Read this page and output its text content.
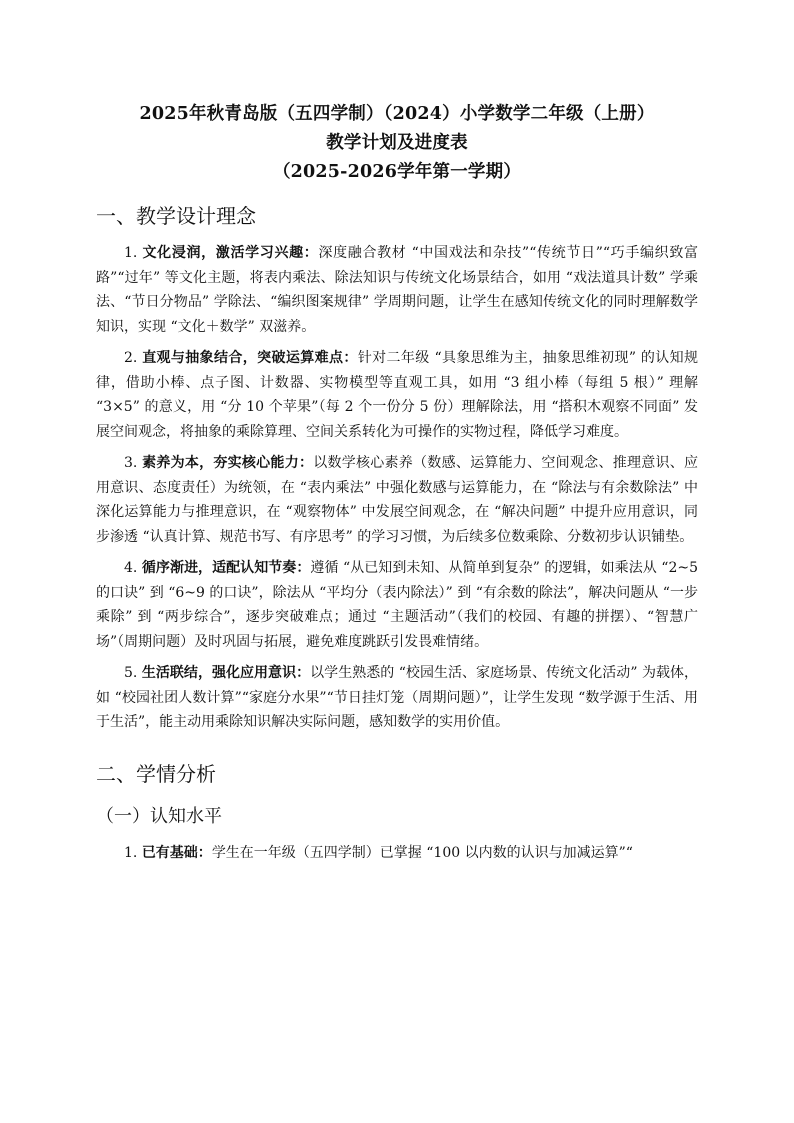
2025年秋青岛版（五四学制）（2024）小学数学二年级（上册）
教学计划及进度表
（2025-2026学年第一学期）
一、教学设计理念

1. 文化浸润，激活学习兴趣：深度融合教材 “中国戏法和杂技”“传统节日”“巧手编织致富路”“过年” 等文化主题，将表内乘法、除法知识与传统文化场景结合，如用 “戏法道具计数” 学乘法、“节日分物品” 学除法、“编织图案规律” 学周期问题，让学生在感知传统文化的同时理解数学知识，实现 “文化＋数学” 双滋养。

2. 直观与抽象结合，突破运算难点：针对二年级 “具象思维为主，抽象思维初现” 的认知规律，借助小棒、点子图、计数器、实物模型等直观工具，如用 “3 组小棒（每组 5 根）” 理解 “3×5” 的意义，用 “分 10 个苹果”（每 2 个一份分 5 份）理解除法，用 “搭积木观察不同面” 发展空间观念，将抽象的乘除算理、空间关系转化为可操作的实物过程，降低学习难度。

3. 素养为本，夯实核心能力：以数学核心素养（数感、运算能力、空间观念、推理意识、应用意识、态度责任）为统领，在 “表内乘法” 中强化数感与运算能力，在 “除法与有余数除法” 中深化运算能力与推理意识，在 “观察物体” 中发展空间观念，在 “解决问题” 中提升应用意识，同步渗透 “认真计算、规范书写、有序思考” 的学习习惯，为后续多位数乘除、分数初步认识铺垫。

4. 循序渐进，适配认知节奏：遵循 “从已知到未知、从简单到复杂” 的逻辑，如乘法从 “2~5 的口诀” 到 “6~9 的口诀”，除法从 “平均分（表内除法）” 到 “有余数的除法”，解决问题从 “一步乘除” 到 “两步综合”，逐步突破难点；通过 “主题活动”（我们的校园、有趣的拼摆）、“智慧广场”（周期问题）及时巩固与拓展，避免难度跳跃引发畏难情绪。

5. 生活联结，强化应用意识：以学生熟悉的 “校园生活、家庭场景、传统文化活动” 为载体，如 “校园社团人数计算”“家庭分水果”“节日挂灯笼（周期问题）”，让学生发现 “数学源于生活、用于生活”，能主动用乘除知识解决实际问题，感知数学的实用价值。

二、学情分析
（一）认知水平

1. 已有基础：学生在一年级（五四学制）已掌握 “100 以内数的认识与加减运算”“
